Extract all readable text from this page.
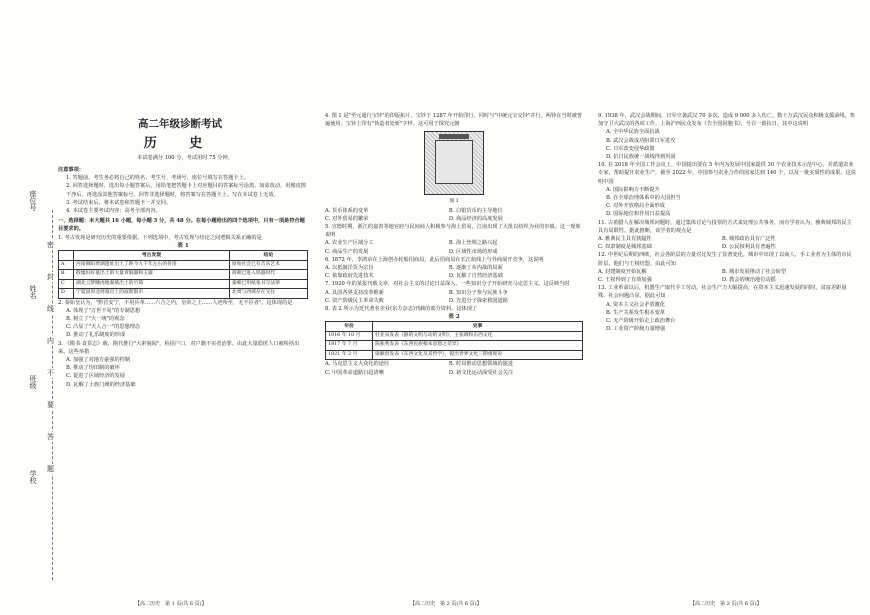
座位号
姓名
班级
学校
密
封
线
内
不
要
答
题
高二年级诊断考试
历 史
本试卷满分 100 分，考试用时 75 分钟。

注意事项：

1. 答题前，考生务必将自己的姓名、考生号、考场号、座位号填写在答题卡上。

2. 回答选择题时，选出每小题答案后，用铅笔把答题卡上对应题目的答案标号涂黑。如需改动，用橡皮擦干净后，再选涂其他答案标号。回答非选择题时，将答案写在答题卡上。写在本试卷上无效。

3. 考试结束后，将本试卷和答题卡一并交回。

4. 本试卷主要考试内容：高考全部内容。

一、选择题：本大题共 16 小题，每小题 3 分，共 48 分。在每小题给出的四个选项中，只有一项是符合题目要求的。

1. 考古发现是研究历史的重要依据。下列选项中，考古发现与结论之间逻辑关系正确的是

表 1

	考古发现	结论
A	河南舞阳贾湖遗址出土了距今九千年左右的骨笛	原始社会已有音乐艺术
B	殷墟妇好墓出土的大量青铜器和玉器	商朝已进入铁器时代
C	湖北云梦睡虎地秦墓出土的竹简	秦朝已用纸张书写法律
D	宁夏固原北周墓出土的波斯银币	北周与西域存在交往

2. 秦始皇认为，"黔首安宁，不用兵革……六合之内，皇帝之土……人迹所至，无不臣者"。这体现的是

A. 体现了"万世不易"的专制思想

B. 树立了"大一统"的观念

C. 凸显了"天人合一"的思想理念

D. 推动了礼乐制度的形成

3. 《隋书·食货志》载，隋代推行"大索貌阅"，检括户口，对户籍不实者治罪。由此大量隐匿人口被检括出来。这些举措

A. 加强了对地方豪强的控制

B. 推动了均田制的破坏

C. 促进了区域经济的发展

D. 瓦解了士族门阀的经济基础

【高二历史　第 1 页(共 6 页)】

4. 图 1 是"至元通行宝钞"的印版拓片，宝钞于 1287 年开始印行，同时与"中统元宝交钞"并行。两钞在当时被普遍使用。宝钞上印有"伪造者处斩"字样。这可用于探究元朝

图 1

A. 货币体系的变革	B. 白银货币的主导地位

C. 对外贸易的繁荣	D. 商品经济的高度发展

5. 宣德时期，浙江的嘉善等地官府与民间商人积极参与海上贸易，江南出现了大批以纺织为业的市镇。这一现象说明

A. 农业生产区域分工	B. 海上丝绸之路兴起

C. 商品生产的发展	D. 区域性市场的形成

6. 1872 年，李鸿章在上海创办轮船招商局，此后招商局在长江航线上与外商展开竞争，这说明

A. 以抵制洋货为宗旨	B. 逐渐丁亥内战的局面

C. 依靠政府先进技术	D. 瓦解了自然经济基础

7. 1920 年的某报刊载文章，对社会主义的讨论日益深入，一些知识分子开始研究马克思主义。这反映当时

A. 具国各界支持改革维新	B. 知识分子参与民族斗争

C. 资产阶级民主革命失败	D. 先进分子探索救国道路

8. 表 2 所示为近代著名企业(东方杂志)刊载的部分资料。这体现了

表 2

年份	史事
1916 年 10 月	杜亚泉发表《静的文明与动的文明》，主张调和东西文化
1917 年 7 月	陈独秀发表《东西民族根本思想之差异》
1921 年 2 月	梁漱溟发表《东西文化及其哲学》，提出世界文化三期重现说

A. 马克思主义大众化的途径	B. 时局推动思想领域的演进

C. 中国革命道路日趋清晰	D. 新文化运动深受社会关注

【高二历史　第 2 页(共 6 页)】

9. 1938 年，武汉会战期间，日军空袭武汉 70 多次，造成 9 000 多人伤亡。数十万武汉民众积极支援前线，参加守卫大武汉的各项工作，上海沪西民众发布《告全国同胞书》，号召一致抗日，其中这说明

A. 全中华民族全面抗战

B. 武汉会战成功阻滞日军进攻

C. 日军改变侵华政策

D. 抗日民族统一战线得到巩固

10. 在 2018 年全国工作会议上，中国提出要在 5 年内为发展中国家提供 30 个农业技术示范中心，并派遣农业专家，帮助提升农业生产，截至 2022 年，中国参与农业合作的国家达到 140 个，以及一批实质性的成果。这说明中国

A. 国际影响力不断提升

B. 在全球治理体系中的大国担当

C. 对外开放格局全面形成

D. 国际地位和作用日益提高

11. 古希腊人在解决城邦问题时，通过集体讨论与投票的方式来处理公共事务。而有学者认为，雅典城邦的民主具有局限性。据此推断，该学者的观点是

A. 雅典民主具有狭隘性	B. 城邦政治具有广泛性

C. 奴隶制度是城邦基础	D. 公民权利具有普遍性

12. 中世纪后期的西欧，社会各阶层的力量对比发生了显著变化。城市中出现了以商人、手工业者为主体的市民阶层，他们与王权结盟。由此可知

A. 封建制度开始瓦解	B. 城市发展推动了社会转型

C. 王权得到了有效加强	D. 教会的统治地位动摇

13. 工业革命以后，机器生产取代手工劳动，社会生产力大幅提高，在资本主义迅速发展的同时，贫富差距悬殊、社会问题凸显。据此可知

A. 资本主义社会矛盾激化

B. 生产关系发生根本变革

C. 无产阶级开始走上政治舞台

D. 工业资产阶级力量增强

【高二历史　第 3 页(共 6 页)】
